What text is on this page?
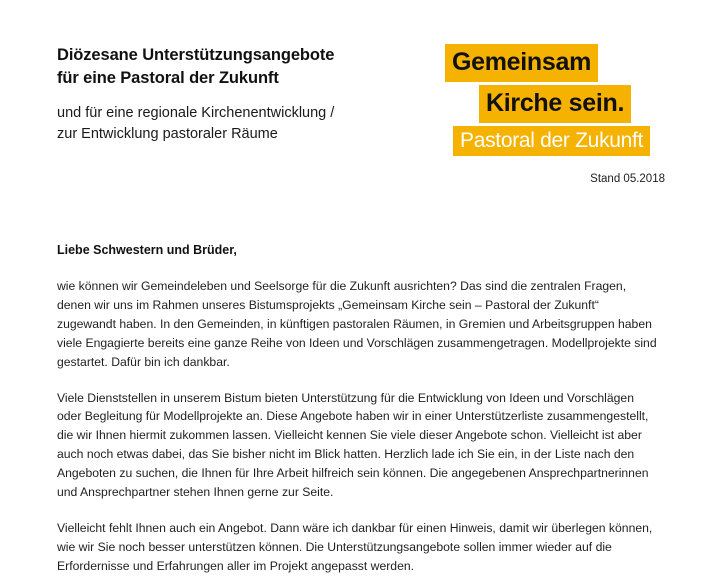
Diözesane Unterstützungsangebote
für eine Pastoral der Zukunft
und für eine regionale Kirchenentwicklung /
zur Entwicklung pastoraler Räume
Gemeinsam
Kirche sein.
Pastoral der Zukunft
Stand 05.2018
Liebe Schwestern und Brüder,

wie können wir Gemeindeleben und Seelsorge für die Zukunft ausrichten? Das sind die zentralen Fragen, denen wir uns im Rahmen unseres Bistumsprojekts „Gemeinsam Kirche sein – Pastoral der Zukunft“ zugewandt haben. In den Gemeinden, in künftigen pastoralen Räumen, in Gremien und Arbeitsgruppen haben viele Engagierte bereits eine ganze Reihe von Ideen und Vorschlägen zusammengetragen. Modellprojekte sind gestartet. Dafür bin ich dankbar.

Viele Dienststellen in unserem Bistum bieten Unterstützung für die Entwicklung von Ideen und Vorschlägen oder Begleitung für Modellprojekte an. Diese Angebote haben wir in einer Unterstützerliste zusammengestellt, die wir Ihnen hiermit zukommen lassen. Vielleicht kennen Sie viele dieser Angebote schon. Vielleicht ist aber auch noch etwas dabei, das Sie bisher nicht im Blick hatten. Herzlich lade ich Sie ein, in der Liste nach den Angeboten zu suchen, die Ihnen für Ihre Arbeit hilfreich sein können. Die angegebenen Ansprechpartnerinnen und Ansprechpartner stehen Ihnen gerne zur Seite.

Vielleicht fehlt Ihnen auch ein Angebot. Dann wäre ich dankbar für einen Hinweis, damit wir überlegen können, wie wir Sie noch besser unterstützen können. Die Unterstützungsangebote sollen immer wieder auf die Erfordernisse und Erfahrungen aller im Projekt angepasst werden.
